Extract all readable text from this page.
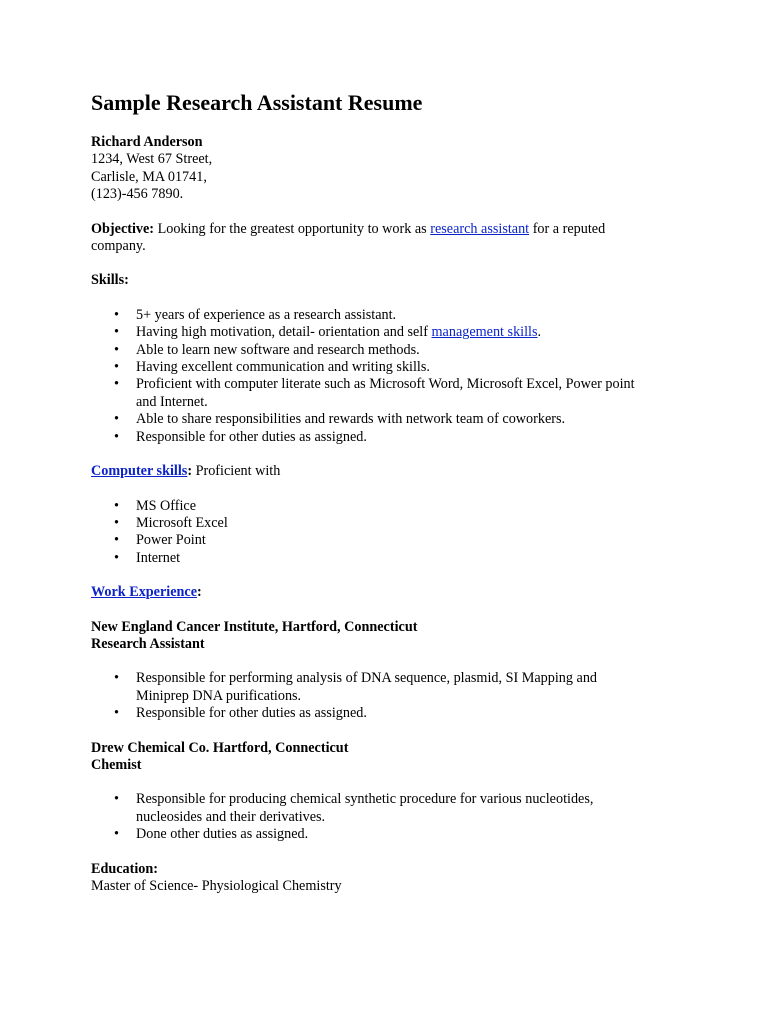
Sample Research Assistant Resume
Richard Anderson
1234, West 67 Street,
Carlisle, MA 01741,
(123)-456 7890.
Objective: Looking for the greatest opportunity to work as research assistant for a reputed
company.
Skills:
• 5+ years of experience as a research assistant.
• Having high motivation, detail- orientation and self management skills.
• Able to learn new software and research methods.
• Having excellent communication and writing skills.
• Proficient with computer literate such as Microsoft Word, Microsoft Excel, Power point
and Internet.
• Able to share responsibilities and rewards with network team of coworkers.
• Responsible for other duties as assigned.
Computer skills: Proficient with
• MS Office
• Microsoft Excel
• Power Point
• Internet
Work Experience:
New England Cancer Institute, Hartford, Connecticut
Research Assistant
• Responsible for performing analysis of DNA sequence, plasmid, SI Mapping and
Miniprep DNA purifications.
• Responsible for other duties as assigned.
Drew Chemical Co. Hartford, Connecticut
Chemist
• Responsible for producing chemical synthetic procedure for various nucleotides,
nucleosides and their derivatives.
• Done other duties as assigned.
Education:
Master of Science- Physiological Chemistry
